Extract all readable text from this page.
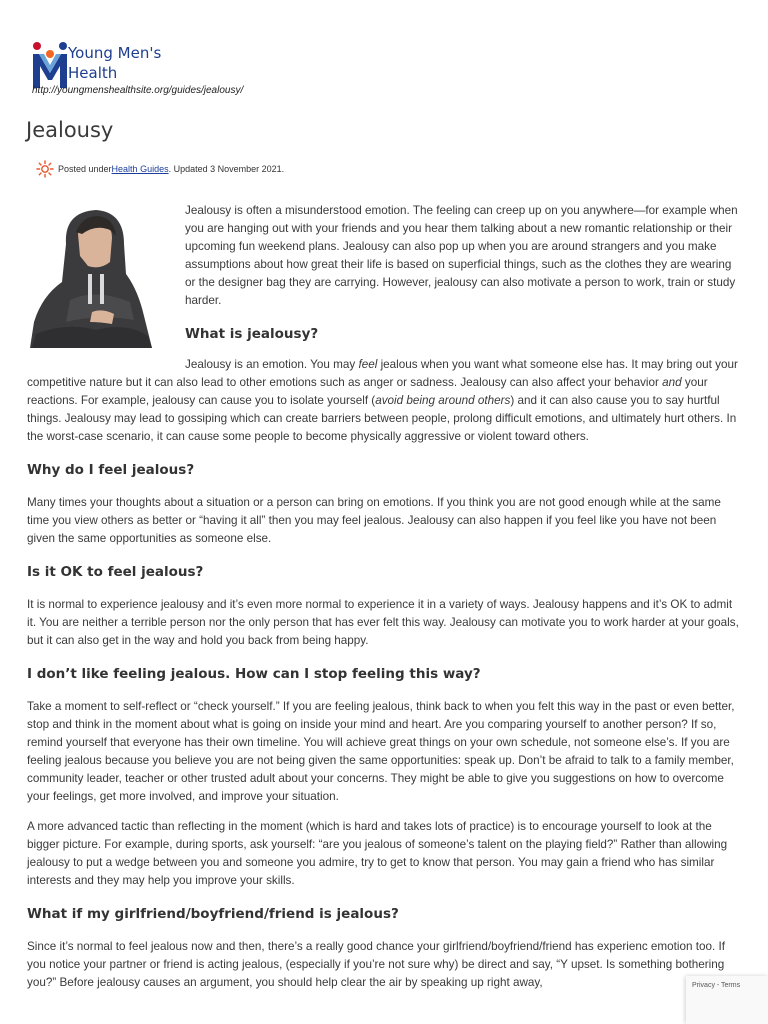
Young Men's
Health
http://youngmenshealthsite.org/guides/jealousy/
Jealousy
Posted under Health Guides . Updated 3 November 2021.

Jealousy is often a misunderstood emotion. The feeling can creep up on you anywhere—for example when you are hanging out with your friends and you hear them talking about a new romantic relationship or their upcoming fun weekend plans. Jealousy can also pop up when you are around strangers and you make assumptions about how great their life is based on superficial things, such as the clothes they are wearing or the designer bag they are carrying. However, jealousy can also motivate a person to work, train or study harder.

What is jealousy?

Jealousy is an emotion. You may feel jealous when you want what someone else has. It may bring out your competitive nature but it can also lead to other emotions such as anger or sadness. Jealousy can also affect your behavior and your reactions. For example, jealousy can cause you to isolate yourself (avoid being around others) and it can also cause you to say hurtful things. Jealousy may lead to gossiping which can create barriers between people, prolong difficult emotions, and ultimately hurt others. In the worst-case scenario, it can cause some people to become physically aggressive or violent toward others.

Why do I feel jealous?

Many times your thoughts about a situation or a person can bring on emotions. If you think you are not good enough while at the same time you view others as better or “having it all” then you may feel jealous. Jealousy can also happen if you feel like you have not been given the same opportunities as someone else.

Is it OK to feel jealous?

It is normal to experience jealousy and it’s even more normal to experience it in a variety of ways. Jealousy happens and it’s OK to admit it. You are neither a terrible person nor the only person that has ever felt this way. Jealousy can motivate you to work harder at your goals, but it can also get in the way and hold you back from being happy.

I don’t like feeling jealous. How can I stop feeling this way?

Take a moment to self-reflect or “check yourself.” If you are feeling jealous, think back to when you felt this way in the past or even better, stop and think in the moment about what is going on inside your mind and heart. Are you comparing yourself to another person? If so, remind yourself that everyone has their own timeline. You will achieve great things on your own schedule, not someone else’s. If you are feeling jealous because you believe you are not being given the same opportunities: speak up. Don’t be afraid to talk to a family member, community leader, teacher or other trusted adult about your concerns. They might be able to give you suggestions on how to overcome your feelings, get more involved, and improve your situation.

A more advanced tactic than reflecting in the moment (which is hard and takes lots of practice) is to encourage yourself to look at the bigger picture. For example, during sports, ask yourself: “are you jealous of someone’s talent on the playing field?” Rather than allowing jealousy to put a wedge between you and someone you admire, try to get to know that person. You may gain a friend who has similar interests and they may help you improve your skills.

What if my girlfriend/boyfriend/friend is jealous?

Since it’s normal to feel jealous now and then, there’s a really good chance your girlfriend/boyfriend/friend has experienc emotion too. If you notice your partner or friend is acting jealous, (especially if you’re not sure why) be direct and say, “Y upset. Is something bothering you?” Before jealousy causes an argument, you should help clear the air by speaking up right away,	Privacy - Terms
